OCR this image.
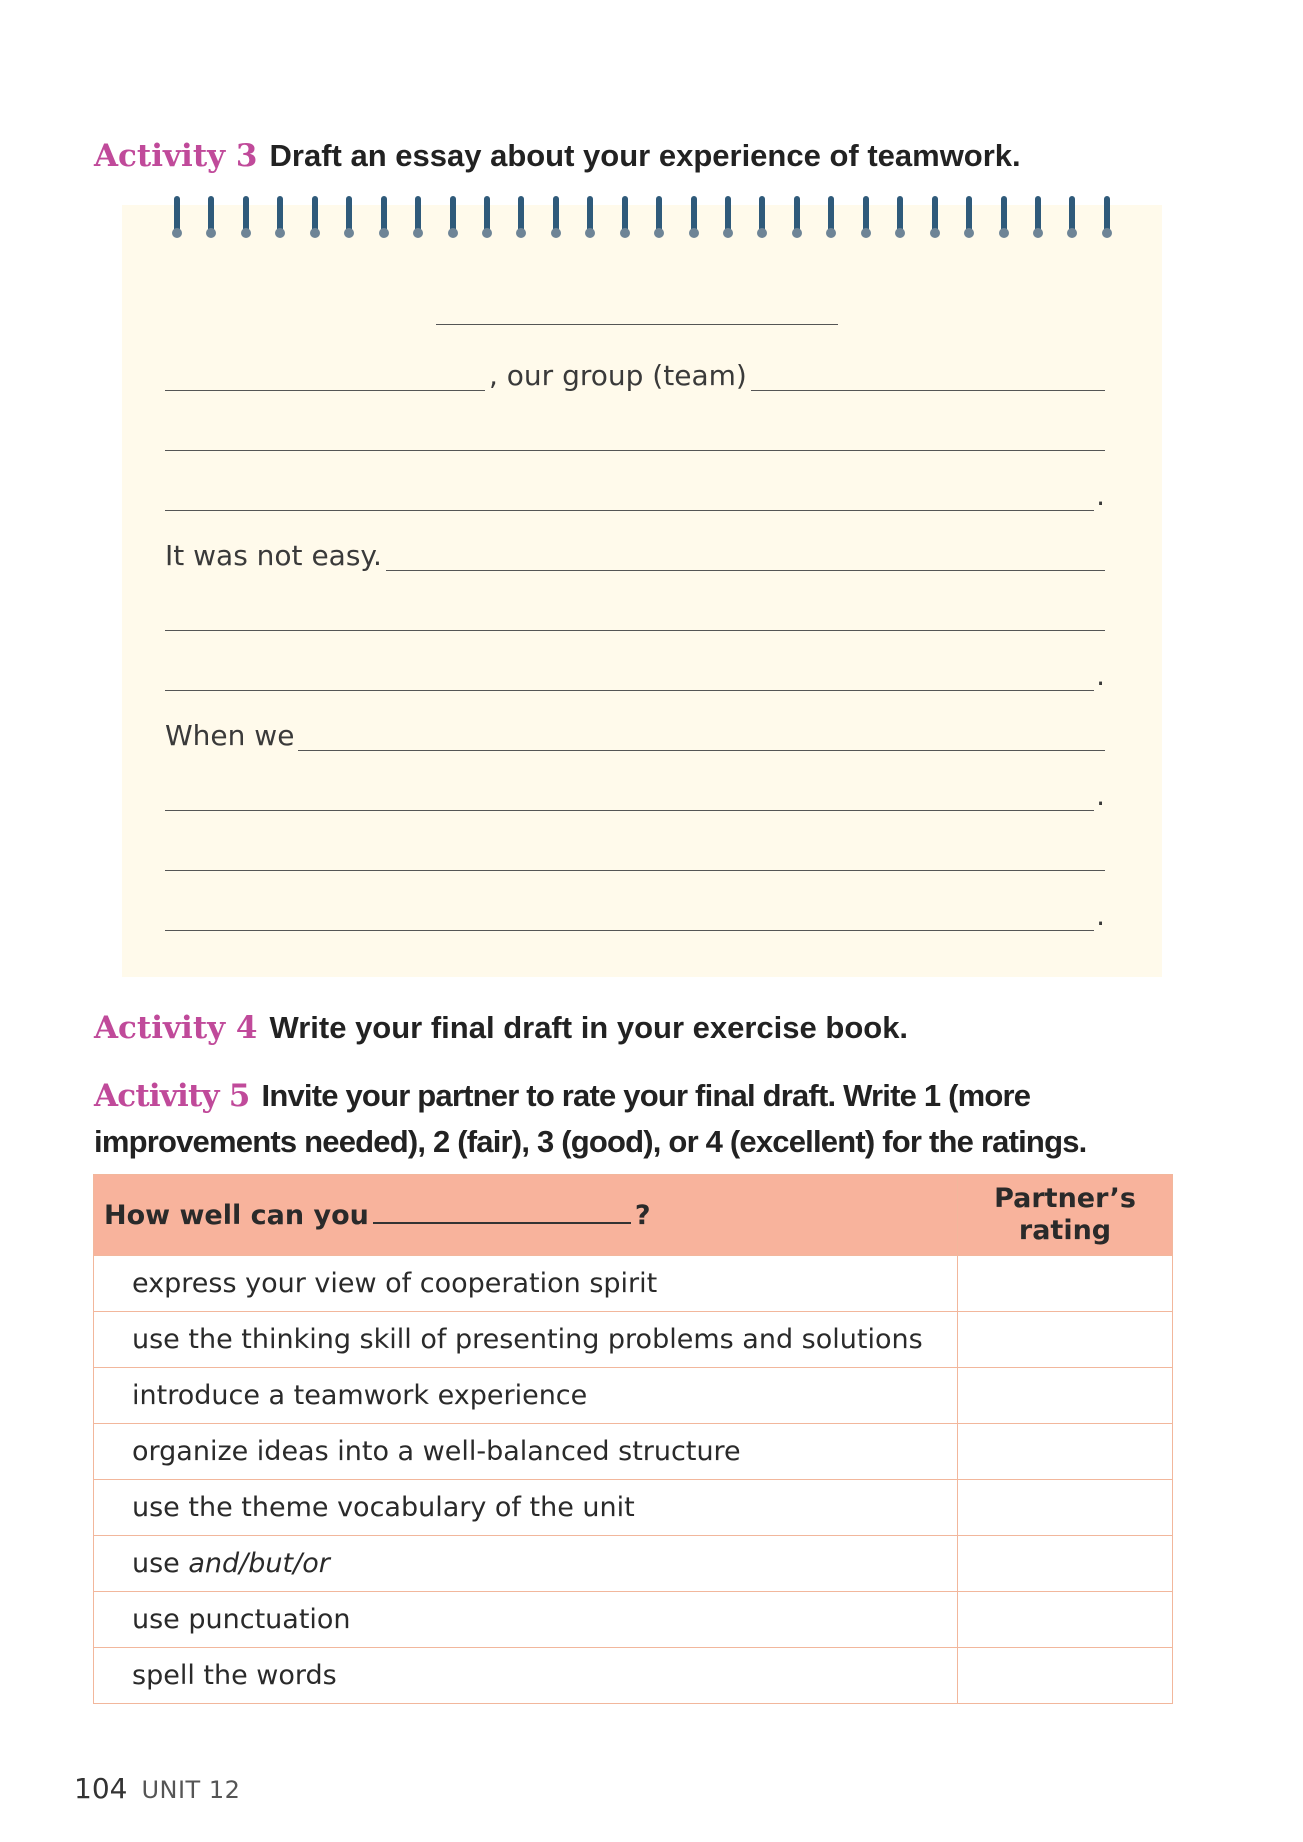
Activity 3 Draft an essay about your experience of teamwork.
, our group (team)
.
It was not easy.
.
When we
.
.
Activity 4 Write your final draft in your exercise book.
Activity 5 Invite your partner to rate your final draft. Write 1 (more improvements needed), 2 (fair), 3 (good), or 4 (excellent) for the ratings.
How well can you ?	Partner’s rating
express your view of cooperation spirit	
use the thinking skill of presenting problems and solutions	
introduce a teamwork experience	
organize ideas into a well-balanced structure	
use the theme vocabulary of the unit	
use and/but/or	
use punctuation	
spell the words	
104 UNIT 12
